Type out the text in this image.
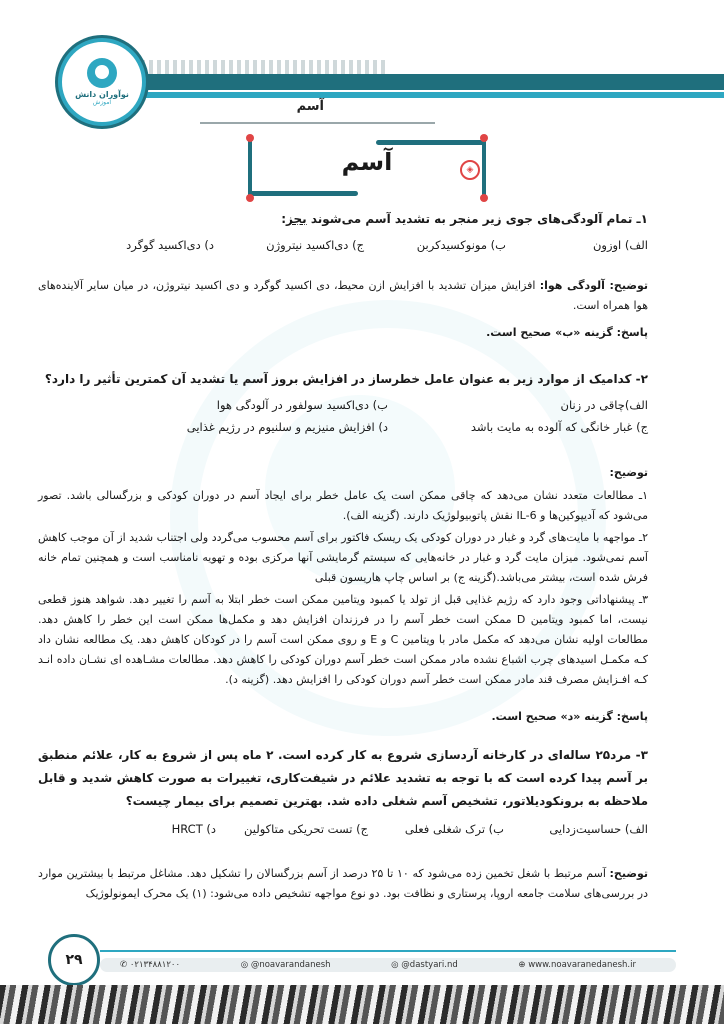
نوآوران دانش
آموزش	آسم
آسم	◈
۱ـ تمام آلودگی‌های جوی زیر منجر به تشدید آسم می‌شوند بجز:
الف) اوزون
ب) مونوکسیدکربن
ج) دی‌اکسید نیتروژن
د) دی‌اکسید گوگرد
توضیح: آلودگی هوا: افزایش میزان تشدید با افزایش ازن محیط، دی اکسید گوگرد و دی اکسید نیتروژن، در میان سایر آلاینده‌های هوا همراه است.
پاسخ: گزینه «ب» صحیح است.
۲- کدامیک از موارد زیر به عنوان عامل خطرساز در افزایش بروز آسم یا تشدید آن کمترین تأثیر را دارد؟
الف)چاقی در زنان
ب) دی‌اکسید سولفور در آلودگی هوا
ج) غبار خانگی که آلوده به مایت باشد
د) افزایش منیزیم و سلنیوم در رژیم غذایی
توضیح:
۱ـ مطالعات متعدد نشان می‌دهد که چاقی ممکن است یک عامل خطر برای ایجاد آسم در دوران کودکی و بزرگسالی باشد. تصور می‌شود که آدیپوکین‌ها و IL-6 نقش پاتوبیولوژیک دارند. (گزینه الف).
۲ـ مواجهه با مایت‌های گرد و غبار در دوران کودکی یک ریسک فاکتور برای آسم محسوب می‌گردد ولی اجتناب شدید از آن موجب کاهش آسم نمی‌شود. میزان مایت گرد و غبار در خانه‌هایی که سیستم گرمایشی آنها مرکزی بوده و تهویه نامناسب است و همچنین تمام خانه فرش شده است، بیشتر می‌باشد.(گزینه ج) بر اساس چاپ هاریسون قبلی
۳ـ پیشنهاداتی وجود دارد که رژیم غذایی قبل از تولد یا کمبود ویتامین ممکن است خطر ابتلا به آسم را تغییر دهد. شواهد هنوز قطعی نیست، اما کمبود ویتامین D ممکن است خطر آسم را در فرزندان افزایش دهد و مکمل‌ها ممکن است این خطر را کاهش دهد. مطالعات اولیه نشان می‌دهد که مکمل مادر با ویتامین C و E و روی ممکن است آسم را در کودکان کاهش دهد. یک مطالعه نشان داد کـه مکمـل اسیدهای چرب اشباع نشده مادر ممکن است خطر آسم دوران کودکی را کاهش دهد. مطالعات مشـاهده ای نشـان داده انـد کـه افـزایش مصرف قند مادر ممکن است خطر آسم دوران کودکی را افزایش دهد. (گزینه د).
پاسخ: گزینه «د» صحیح است.
۳- مرد۲۵ ساله‌ای در کارخانه آردسازی شروع به کار کرده است. ۲ ماه پس از شروع به کار، علائم منطبق بر آسم پیدا کرده است که با توجه به تشدید علائم در شیفت‌کاری، تغییرات به صورت کاهش شدید و قابل ملاحظه به برونکودیلاتور، تشخیص آسم شغلی داده شد. بهترین تصمیم برای بیمار چیست؟
الف) حساسیت‌زدایی
ب) ترک شغلی فعلی
ج) تست تحریکی متاکولین
د) HRCT
توضیح: آسم مرتبط با شغل تخمین زده می‌شود که ۱۰ تا ۲۵ درصد از آسم بزرگسالان را تشکیل دهد. مشاغل مرتبط با بیشترین موارد در بررسی‌های سلامت جامعه اروپا، پرستاری و نظافت بود. دو نوع مواجهه تشخیص داده می‌شود: (۱) یک محرک ایمونولوژیک
✆ ۰۲۱۳۴۸۸۱۲۰۰	◎ @noavarandanesh	◎ @dastyari.nd	⊕ www.noavaranedanesh.ir
۲۹
